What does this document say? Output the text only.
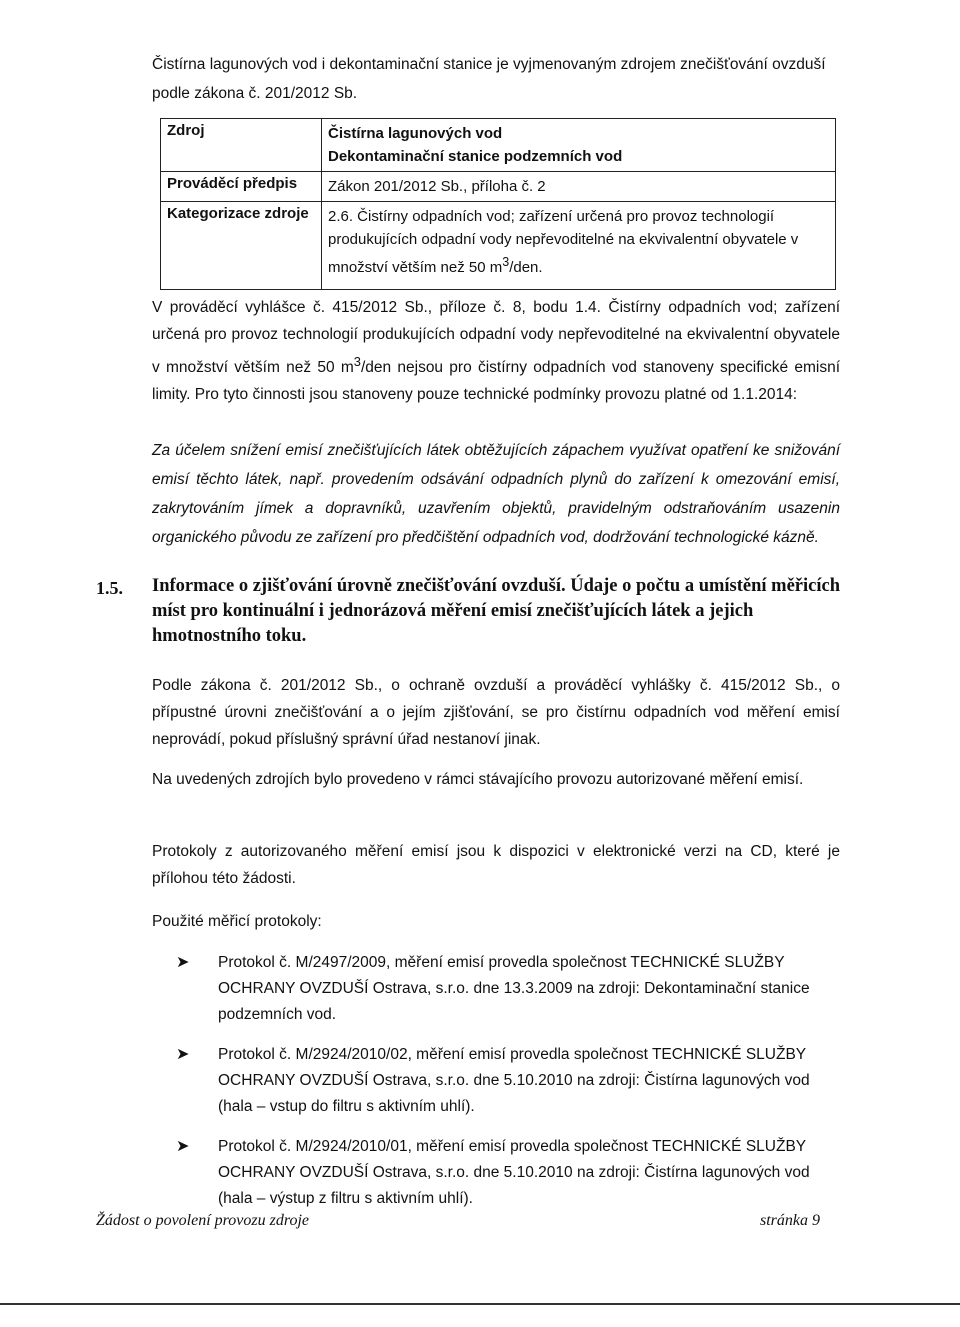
Čistírna lagunových vod i dekontaminační stanice je vyjmenovaným zdrojem znečišťování ovzduší podle zákona č. 201/2012 Sb.

Zdroj	Čistírna lagunových vod
Dekontaminační stanice podzemních vod

Prováděcí předpis	Zákon 201/2012 Sb., příloha č. 2
Kategorizace zdroje	2.6. Čistírny odpadních vod; zařízení určená pro provoz technologií produkujících odpadní vody nepřevoditelné na ekvivalentní obyvatele v množství větším než 50 $m^3$/den.

V prováděcí vyhlášce č. 415/2012 Sb., příloze č. 8, bodu 1.4. Čistírny odpadních vod; zařízení určená pro provoz technologií produkujících odpadní vody nepřevoditelné na ekvivalentní obyvatele v množství větším než 50 $m^3$/den nejsou pro čistírny odpadních vod stanoveny specifické emisní limity. Pro tyto činnosti jsou stanoveny pouze technické podmínky provozu platné od 1.1.2014:

Za účelem snížení emisí znečišťujících látek obtěžujících zápachem využívat opatření ke snižování emisí těchto látek, např. provedením odsávání odpadních plynů do zařízení k omezování emisí, zakrytováním jímek a dopravníků, uzavřením objektů, pravidelným odstraňováním usazenin organického původu ze zařízení pro předčištění odpadních vod, dodržování technologické kázně.

1.5. Informace o zjišťování úrovně znečišťování ovzduší. Údaje o počtu a umístění měřicích míst pro kontinuální i jednorázová měření emisí znečišťujících látek a jejich hmotnostního toku.

Podle zákona č. 201/2012 Sb., o ochraně ovzduší a prováděcí vyhlášky č. 415/2012 Sb., o přípustné úrovni znečišťování a o jejím zjišťování, se pro čistírnu odpadních vod měření emisí neprovádí, pokud příslušný správní úřad nestanoví jinak.

Na uvedených zdrojích bylo provedeno v rámci stávajícího provozu autorizované měření emisí.

Protokoly z autorizovaného měření emisí jsou k dispozici v elektronické verzi na CD, které je přílohou této žádosti.

Použité měřicí protokoly:

➤ Protokol č. M/2497/2009, měření emisí provedla společnost TECHNICKÉ SLUŽBY OCHRANY OVZDUŠÍ Ostrava, s.r.o. dne 13.3.2009 na zdroji: Dekontaminační stanice podzemních vod.
➤ Protokol č. M/2924/2010/02, měření emisí provedla společnost TECHNICKÉ SLUŽBY OCHRANY OVZDUŠÍ Ostrava, s.r.o. dne 5.10.2010 na zdroji: Čistírna lagunových vod (hala – vstup do filtru s aktivním uhlí).
➤ Protokol č. M/2924/2010/01, měření emisí provedla společnost TECHNICKÉ SLUŽBY OCHRANY OVZDUŠÍ Ostrava, s.r.o. dne 5.10.2010 na zdroji: Čistírna lagunových vod (hala – výstup z filtru s aktivním uhlí).
Žádost o povolení provozu zdroje	stránka 9
